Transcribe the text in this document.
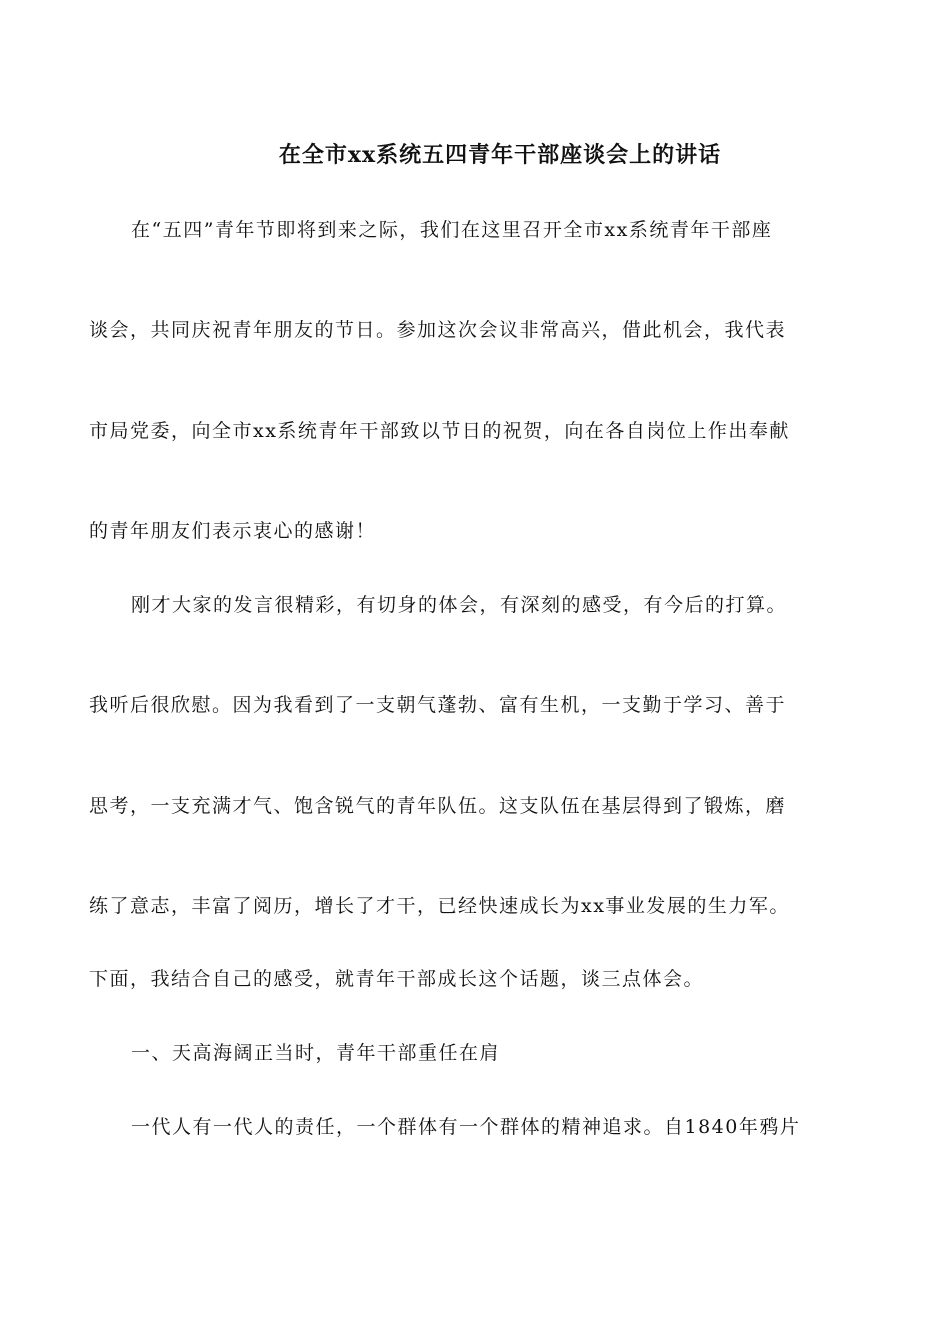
在全市xx系统五四青年干部座谈会上的讲话
在“五四”青年节即将到来之际，我们在这里召开全市xx系统青年干部座
谈会，共同庆祝青年朋友的节日。参加这次会议非常高兴，借此机会，我代表
市局党委，向全市xx系统青年干部致以节日的祝贺，向在各自岗位上作出奉献
的青年朋友们表示衷心的感谢！
刚才大家的发言很精彩，有切身的体会，有深刻的感受，有今后的打算。
我听后很欣慰。因为我看到了一支朝气蓬勃、富有生机，一支勤于学习、善于
思考，一支充满才气、饱含锐气的青年队伍。这支队伍在基层得到了锻炼，磨
练了意志，丰富了阅历，增长了才干，已经快速成长为xx事业发展的生力军。
下面，我结合自己的感受，就青年干部成长这个话题，谈三点体会。
一、天高海阔正当时，青年干部重任在肩
一代人有一代人的责任，一个群体有一个群体的精神追求。自1840年鸦片
